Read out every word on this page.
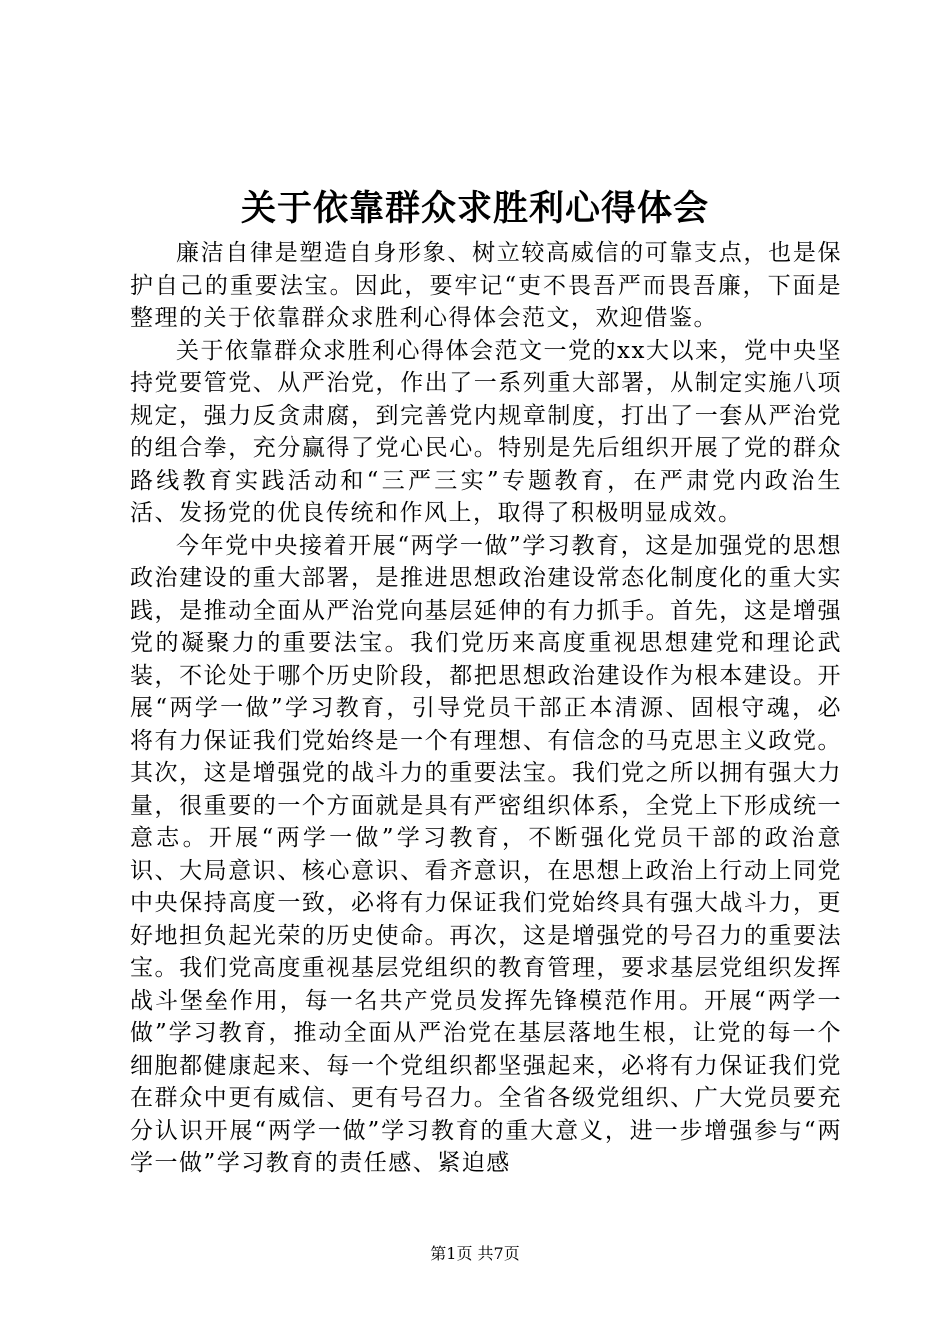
关于依靠群众求胜利心得体会

廉洁自律是塑造自身形象、树立较高威信的可靠支点，也是保护自己的重要法宝。因此，要牢记“吏不畏吾严而畏吾廉，下面是整理的关于依靠群众求胜利心得体会范文，欢迎借鉴。

关于依靠群众求胜利心得体会范文一党的xx大以来，党中央坚持党要管党、从严治党，作出了一系列重大部署，从制定实施八项规定，强力反贪肃腐，到完善党内规章制度，打出了一套从严治党的组合拳，充分赢得了党心民心。特别是先后组织开展了党的群众路线教育实践活动和“三严三实”专题教育，在严肃党内政治生活、发扬党的优良传统和作风上，取得了积极明显成效。

今年党中央接着开展“两学一做”学习教育，这是加强党的思想政治建设的重大部署，是推进思想政治建设常态化制度化的重大实践，是推动全面从严治党向基层延伸的有力抓手。首先，这是增强党的凝聚力的重要法宝。我们党历来高度重视思想建党和理论武装，不论处于哪个历史阶段，都把思想政治建设作为根本建设。开展“两学一做”学习教育，引导党员干部正本清源、固根守魂，必将有力保证我们党始终是一个有理想、有信念的马克思主义政党。其次，这是增强党的战斗力的重要法宝。我们党之所以拥有强大力量，很重要的一个方面就是具有严密组织体系，全党上下形成统一意志。开展“两学一做”学习教育，不断强化党员干部的政治意识、大局意识、核心意识、看齐意识，在思想上政治上行动上同党中央保持高度一致，必将有力保证我们党始终具有强大战斗力，更好地担负起光荣的历史使命。再次，这是增强党的号召力的重要法宝。我们党高度重视基层党组织的教育管理，要求基层党组织发挥战斗堡垒作用，每一名共产党员发挥先锋模范作用。开展“两学一做”学习教育，推动全面从严治党在基层落地生根，让党的每一个细胞都健康起来、每一个党组织都坚强起来，必将有力保证我们党在群众中更有威信、更有号召力。全省各级党组织、广大党员要充分认识开展“两学一做”学习教育的重大意义，进一步增强参与“两学一做”学习教育的责任感、紧迫感

第1页 共7页
